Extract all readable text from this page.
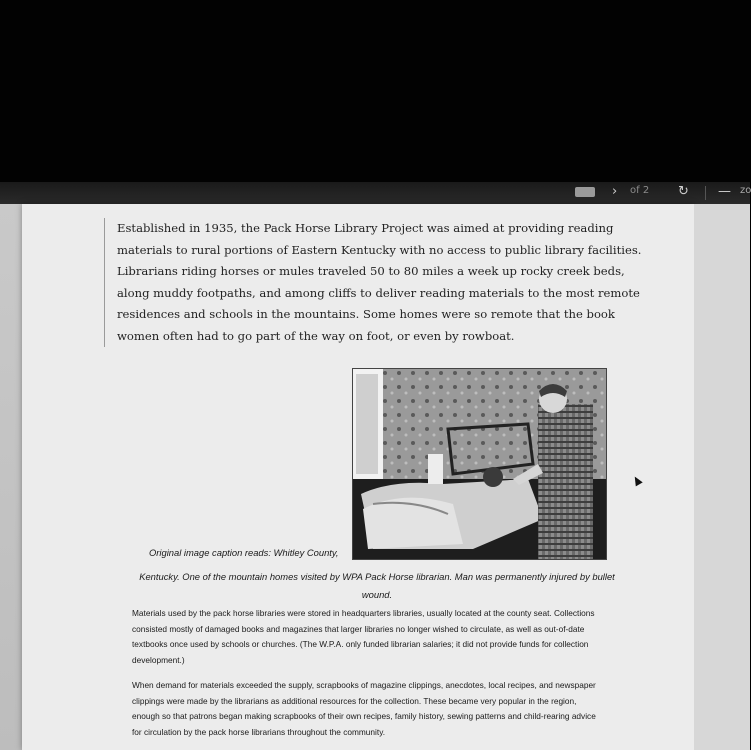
› of 2 ↻ — zo
Established in 1935, the Pack Horse Library Project was aimed at providing reading materials to rural portions of Eastern Kentucky with no access to public library facilities. Librarians riding horses or mules traveled 50 to 80 miles a week up rocky creek beds, along muddy footpaths, and among cliffs to deliver reading materials to the most remote residences and schools in the mountains. Some homes were so remote that the book women often had to go part of the way on foot, or even by rowboat.
Original image caption reads: Whitley County,
Kentucky. One of the mountain homes visited by WPA Pack Horse librarian. Man was permanently injured by bullet wound.

Materials used by the pack horse libraries were stored in headquarters libraries, usually located at the county seat. Collections consisted mostly of damaged books and magazines that larger libraries no longer wished to circulate, as well as out-of-date textbooks once used by schools or churches. (The W.P.A. only funded librarian salaries; it did not provide funds for collection development.)

When demand for materials exceeded the supply, scrapbooks of magazine clippings, anecdotes, local recipes, and newspaper clippings were made by the librarians as additional resources for the collection. These became very popular in the region, enough so that patrons began making scrapbooks of their own recipes, family history, sewing patterns and child-rearing advice for circulation by the pack horse librarians throughout the community.
